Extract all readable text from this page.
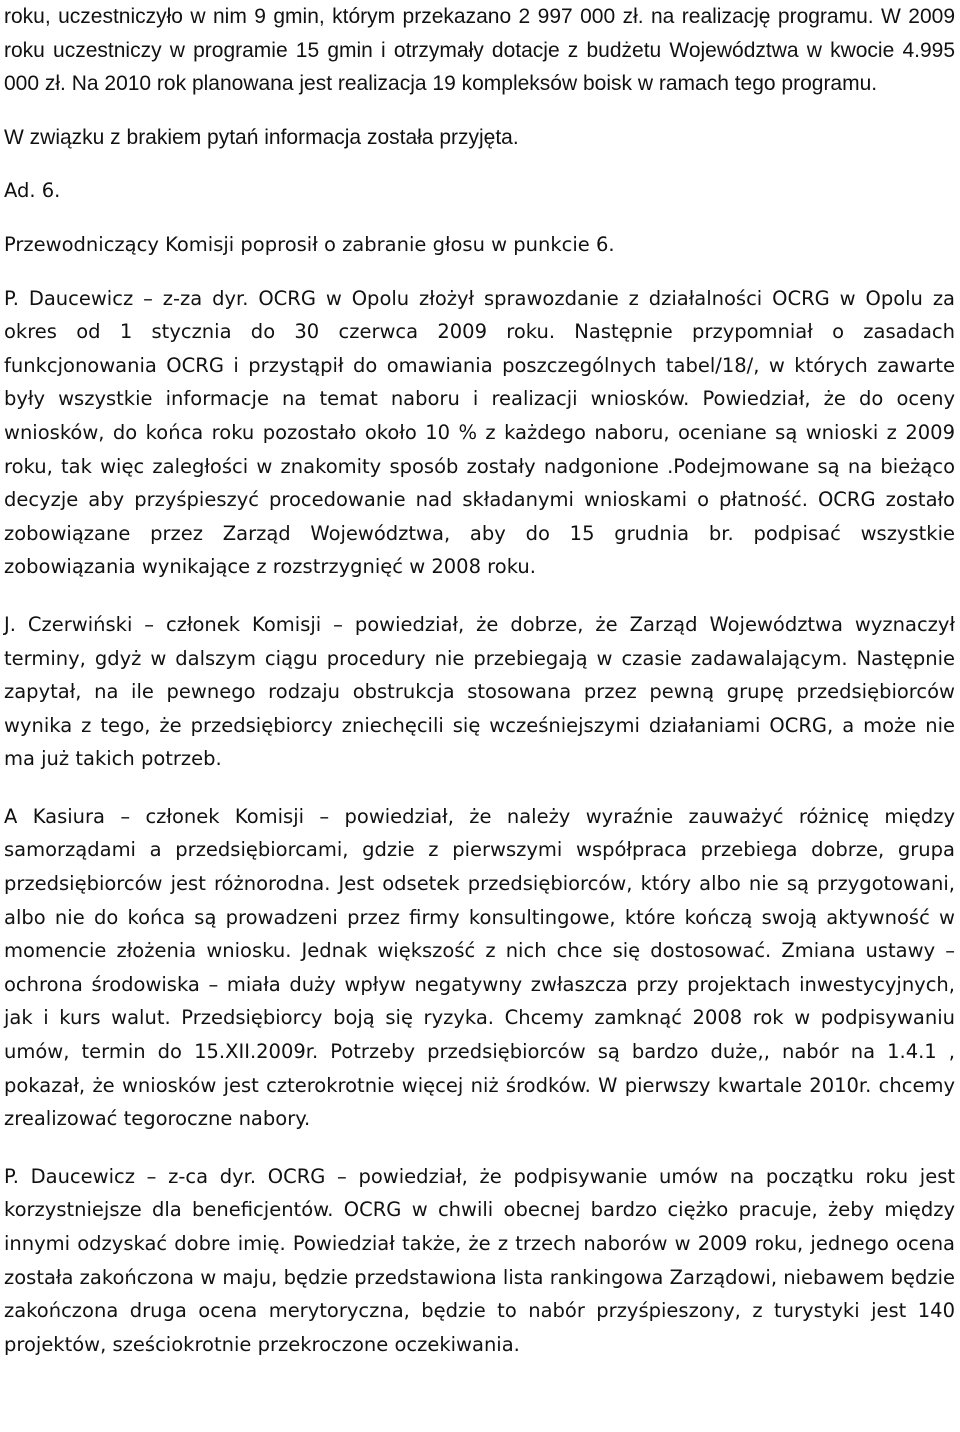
roku, uczestniczyło w nim 9 gmin, którym przekazano 2 997 000 zł. na realizację programu. W 2009 roku uczestniczy w programie 15 gmin i otrzymały dotacje z budżetu Województwa w kwocie 4.995 000 zł. Na 2010 rok planowana jest realizacja 19 kompleksów boisk w ramach tego programu.

W związku z brakiem pytań informacja została przyjęta.

Ad. 6.

Przewodniczący Komisji poprosił o zabranie głosu w punkcie 6.

P. Daucewicz – z-za dyr. OCRG w Opolu złożył sprawozdanie z działalności OCRG w Opolu za okres od 1 stycznia do 30 czerwca 2009 roku. Następnie przypomniał o zasadach funkcjonowania OCRG i przystąpił do omawiania poszczególnych tabel/18/, w których zawarte były wszystkie informacje na temat naboru i realizacji wniosków. Powiedział, że do oceny wniosków, do końca roku pozostało około 10 % z każdego naboru, oceniane są wnioski z 2009 roku, tak więc zaległości w znakomity sposób zostały nadgonione .Podejmowane są na bieżąco decyzje aby przyśpieszyć procedowanie nad składanymi wnioskami o płatność. OCRG zostało zobowiązane przez Zarząd Województwa, aby do 15 grudnia br. podpisać wszystkie zobowiązania wynikające z rozstrzygnięć w 2008 roku.

J. Czerwiński – członek Komisji – powiedział, że dobrze, że Zarząd Województwa wyznaczył terminy, gdyż w dalszym ciągu procedury nie przebiegają w czasie zadawalającym. Następnie zapytał, na ile pewnego rodzaju obstrukcja stosowana przez pewną grupę przedsiębiorców wynika z tego, że przedsiębiorcy zniechęcili się wcześniejszymi działaniami OCRG, a może nie ma już takich potrzeb.

A Kasiura – członek Komisji – powiedział, że należy wyraźnie zauważyć różnicę między samorządami a przedsiębiorcami, gdzie z pierwszymi współpraca przebiega dobrze, grupa przedsiębiorców jest różnorodna. Jest odsetek przedsiębiorców, który albo nie są przygotowani, albo nie do końca są prowadzeni przez firmy konsultingowe, które kończą swoją aktywność w momencie złożenia wniosku. Jednak większość z nich chce się dostosować. Zmiana ustawy – ochrona środowiska – miała duży wpływ negatywny zwłaszcza przy projektach inwestycyjnych, jak i kurs walut. Przedsiębiorcy boją się ryzyka. Chcemy zamknąć 2008 rok w podpisywaniu umów, termin do 15.XII.2009r. Potrzeby przedsiębiorców są bardzo duże,, nabór na 1.4.1 , pokazał, że wniosków jest czterokrotnie więcej niż środków. W pierwszy kwartale 2010r. chcemy zrealizować tegoroczne nabory.

P. Daucewicz – z-ca dyr. OCRG – powiedział, że podpisywanie umów na początku roku jest korzystniejsze dla beneficjentów. OCRG w chwili obecnej bardzo ciężko pracuje, żeby między innymi odzyskać dobre imię. Powiedział także, że z trzech naborów w 2009 roku, jednego ocena została zakończona w maju, będzie przedstawiona lista rankingowa Zarządowi, niebawem będzie zakończona druga ocena merytoryczna, będzie to nabór przyśpieszony, z turystyki jest 140 projektów, sześciokrotnie przekroczone oczekiwania.
